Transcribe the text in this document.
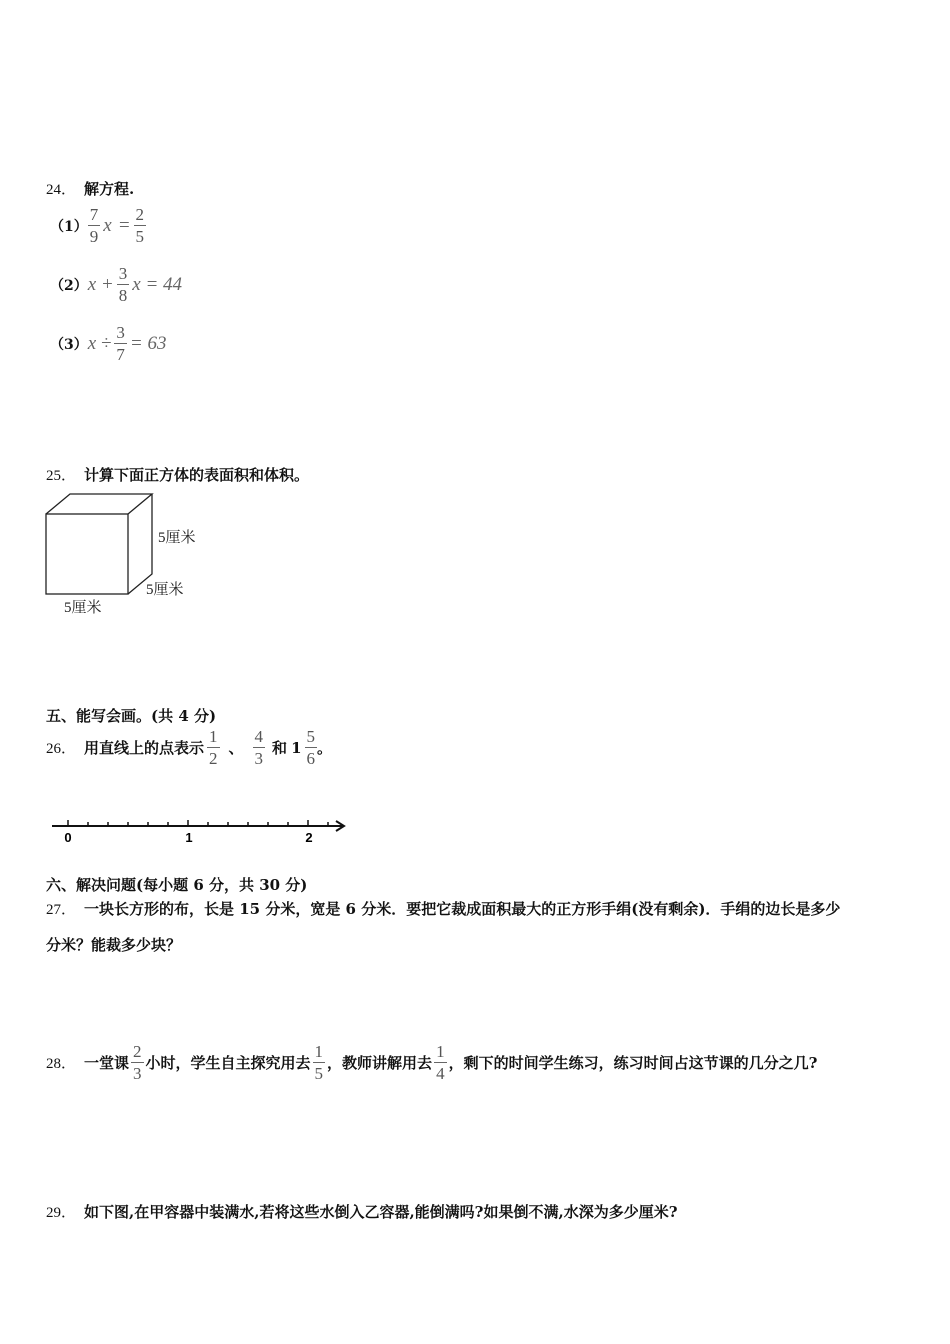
24． 解方程.
$(1) \frac{7}{9}$ $x = \frac{2}{5}$
（2） $x + \frac{3}{8}$ x = 44
（3） $x \div \frac{3}{7} = 63$
25． 计算下面正方体的表面积和体积。
5厘米
5厘米
5厘米
五、能写会画。(共 4 分)
26． 用直线上的点表示 $\frac{1}{2}$ 、 $\frac{4}{3}$ 和 $1 \frac{5}{6}$ 。
0	1	2
六、解决问题(每小题 6 分，共 30 分)
27． 一块长方形的布，长是 15 分米，宽是 6 分米．要把它裁成面积最大的正方形手绢(没有剩余)．手绢的边长是多少
分米？能裁多少块？
28． 一堂课 $\frac{2}{3}$ 小时，学生自主探究用去 $\frac{1}{5}$ ，教师讲解用去 $\frac{1}{4}$ ，剩下的时间学生练习，练习时间占这节课的几分之几?
29． 如下图,在甲容器中装满水,若将这些水倒入乙容器,能倒满吗?如果倒不满,水深为多少厘米?
